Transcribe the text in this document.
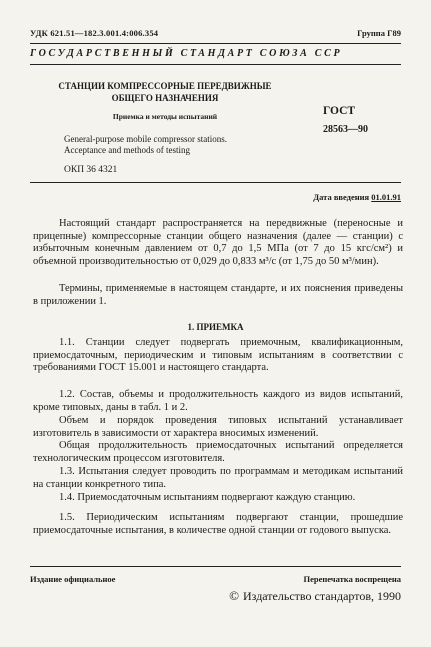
УДК 621.51—182.3.001.4:006.354	Группа Г89
ГОСУДАРСТВЕННЫЙ СТАНДАРТ СОЮЗА ССР
СТАНЦИИ КОМПРЕССОРНЫЕ ПЕРЕДВИЖНЫЕ
ОБЩЕГО НАЗНАЧЕНИЯ
Приемка и методы испытаний
General-purpose mobile compressor stations.
Acceptance and methods of testing
ГОСТ
28563—90
ОКП 36 4321
Дата введения 01.01.91
Настоящий стандарт распространяется на передвижные (переносные и прицепные) компрессорные станции общего назначения (далее — станции) с избыточным конечным давлением от 0,7 до 1,5 МПа (от 7 до 15 кгс/см²) и объемной производительностью от 0,029 до 0,833 м³/с (от 1,75 до 50 м³/мин).
Термины, применяемые в настоящем стандарте, и их пояснения приведены в приложении 1.
1. ПРИЕМКА
1.1. Станции следует подвергать приемочным, квалификационным, приемосдаточным, периодическим и типовым испытаниям в соответствии с требованиями ГОСТ 15.001 и настоящего стандарта.
1.2. Состав, объемы и продолжительность каждого из видов испытаний, кроме типовых, даны в табл. 1 и 2.
Объем и порядок проведения типовых испытаний устанавливает изготовитель в зависимости от характера вносимых изменений.
Общая продолжительность приемосдаточных испытаний определяется технологическим процессом изготовителя.
1.3. Испытания следует проводить по программам и методикам испытаний на станции конкретного типа.
1.4. Приемосдаточным испытаниям подвергают каждую станцию.
1.5. Периодическим испытаниям подвергают станции, прошедшие приемосдаточные испытания, в количестве одной станции от годового выпуска.
Издание официальное	Перепечатка воспрещена
© Издательство стандартов, 1990
